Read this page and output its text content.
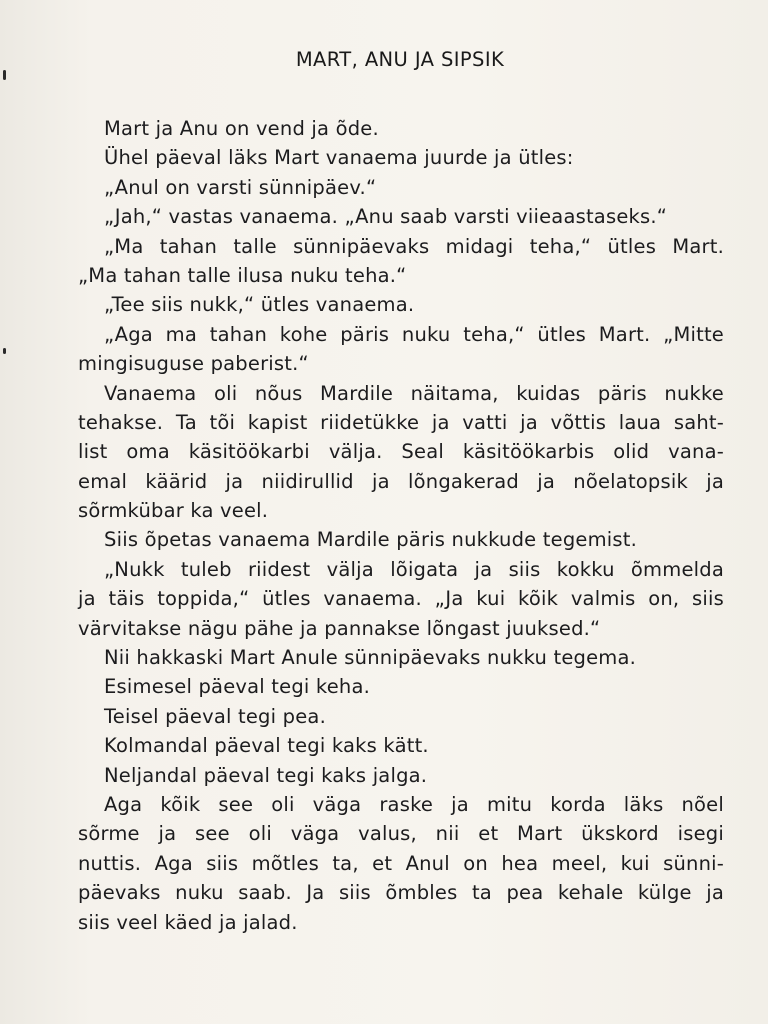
MART, ANU JA SIPSIK
Mart ja Anu on vend ja õde.
Ühel päeval läks Mart vanaema juurde ja ütles:
„Anul on varsti sünnipäev.“
„Jah,“ vastas vanaema. „Anu saab varsti viieaastaseks.“
„Ma tahan talle sünnipäevaks midagi teha,“ ütles Mart.
„Ma tahan talle ilusa nuku teha.“
„Tee siis nukk,“ ütles vanaema.
„Aga ma tahan kohe päris nuku teha,“ ütles Mart. „Mitte
mingisuguse paberist.“
Vanaema oli nõus Mardile näitama, kuidas päris nukke
tehakse. Ta tõi kapist riidetükke ja vatti ja võttis laua saht-
list oma käsitöökarbi välja. Seal käsitöökarbis olid vana-
emal käärid ja niidirullid ja lõngakerad ja nõelatopsik ja
sõrmkübar ka veel.
Siis õpetas vanaema Mardile päris nukkude tegemist.
„Nukk tuleb riidest välja lõigata ja siis kokku õmmelda
ja täis toppida,“ ütles vanaema. „Ja kui kõik valmis on, siis
värvitakse nägu pähe ja pannakse lõngast juuksed.“
Nii hakkaski Mart Anule sünnipäevaks nukku tegema.
Esimesel päeval tegi keha.
Teisel päeval tegi pea.
Kolmandal päeval tegi kaks kätt.
Neljandal päeval tegi kaks jalga.
Aga kõik see oli väga raske ja mitu korda läks nõel
sõrme ja see oli väga valus, nii et Mart ükskord isegi
nuttis. Aga siis mõtles ta, et Anul on hea meel, kui sünni-
päevaks nuku saab. Ja siis õmbles ta pea kehale külge ja
siis veel käed ja jalad.
